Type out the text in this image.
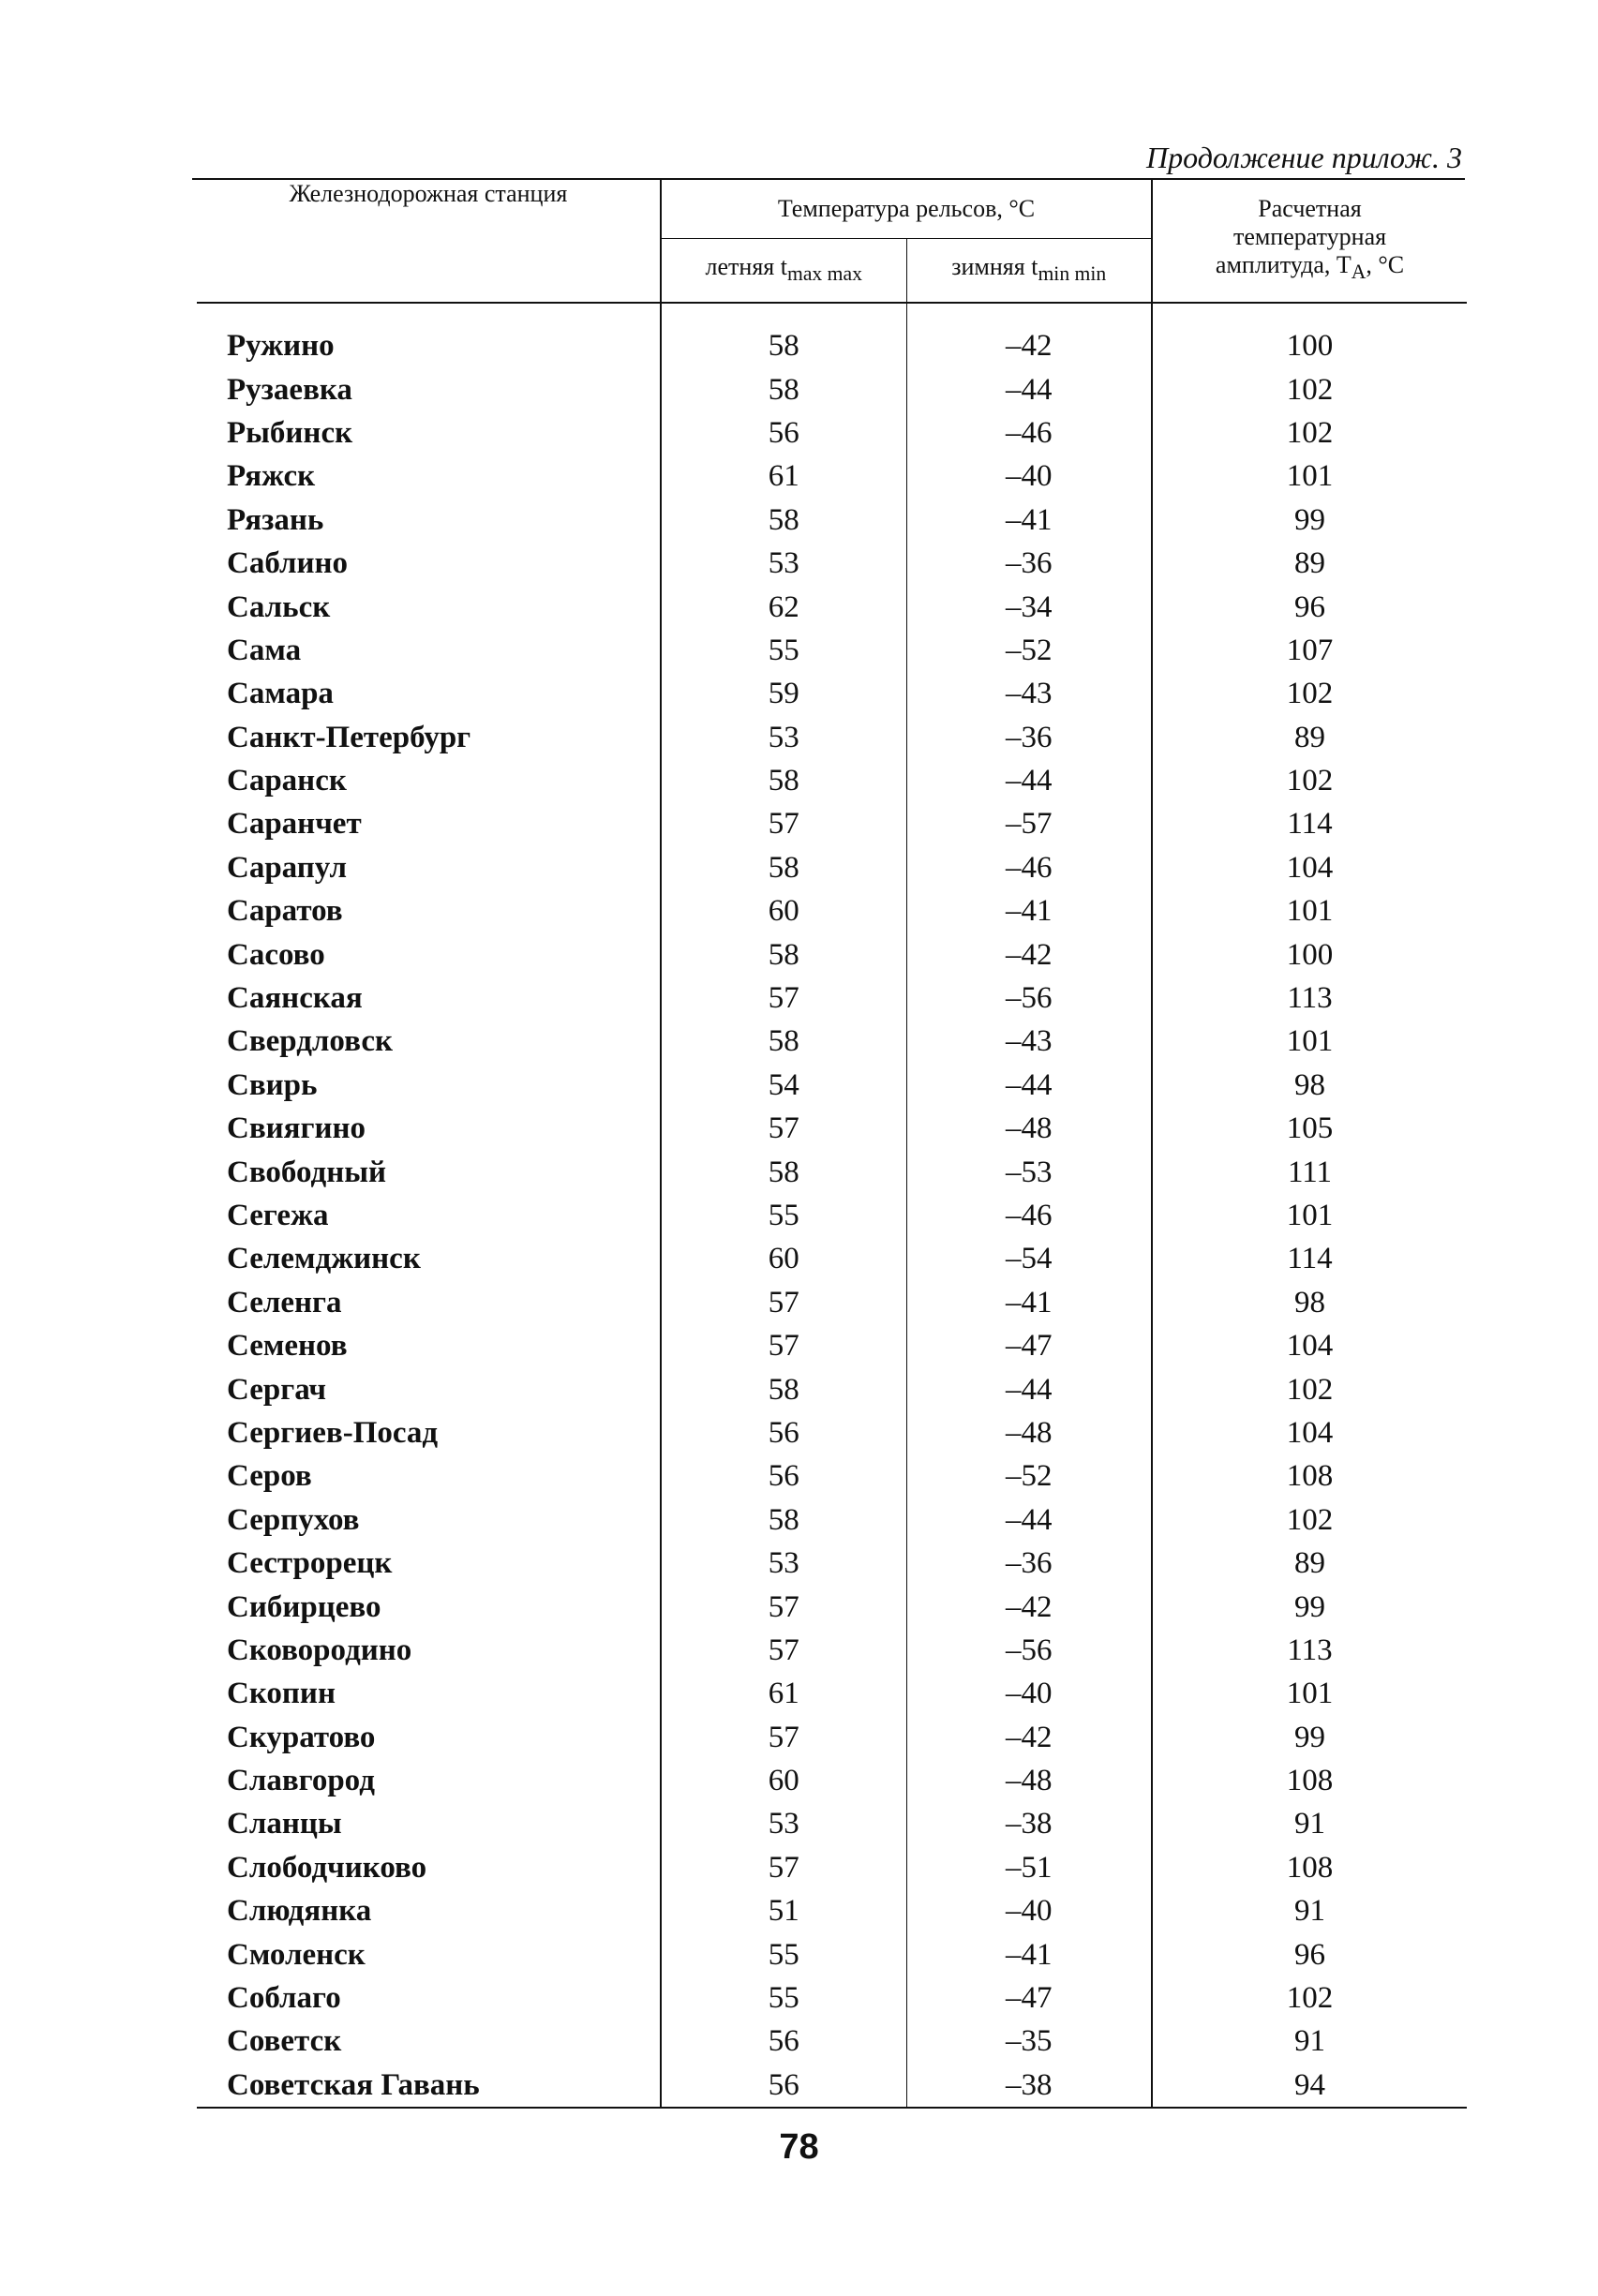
Продолжение прилож. 3
Железнодорожная станция	Температура рельсов, °С		Расчетная
температурная
амплитуда, $T_A$, °С
	летняя $t_{max max}$	зимняя $t_{min min}$

Ружино	58	–42	100
Рузаевка	58	–44	102
Рыбинск	56	–46	102
Ряжск	61	–40	101
Рязань	58	–41	99
Саблино	53	–36	89
Сальск	62	–34	96
Сама	55	–52	107
Самара	59	–43	102
Санкт-Петербург	53	–36	89
Саранск	58	–44	102
Саранчет	57	–57	114
Сарапул	58	–46	104
Саратов	60	–41	101
Сасово	58	–42	100
Саянская	57	–56	113
Свердловск	58	–43	101
Свирь	54	–44	98
Свиягино	57	–48	105
Свободный	58	–53	111
Сегежа	55	–46	101
Селемджинск	60	–54	114
Селенга	57	–41	98
Семенов	57	–47	104
Сергач	58	–44	102
Сергиев-Посад	56	–48	104
Серов	56	–52	108
Серпухов	58	–44	102
Сестрорецк	53	–36	89
Сибирцево	57	–42	99
Сковородино	57	–56	113
Скопин	61	–40	101
Скуратово	57	–42	99
Славгород	60	–48	108
Сланцы	53	–38	91
Слободчиково	57	–51	108
Слюдянка	51	–40	91
Смоленск	55	–41	96
Соблаго	55	–47	102
Советск	56	–35	91
Советская Гавань	56	–38	94
78
